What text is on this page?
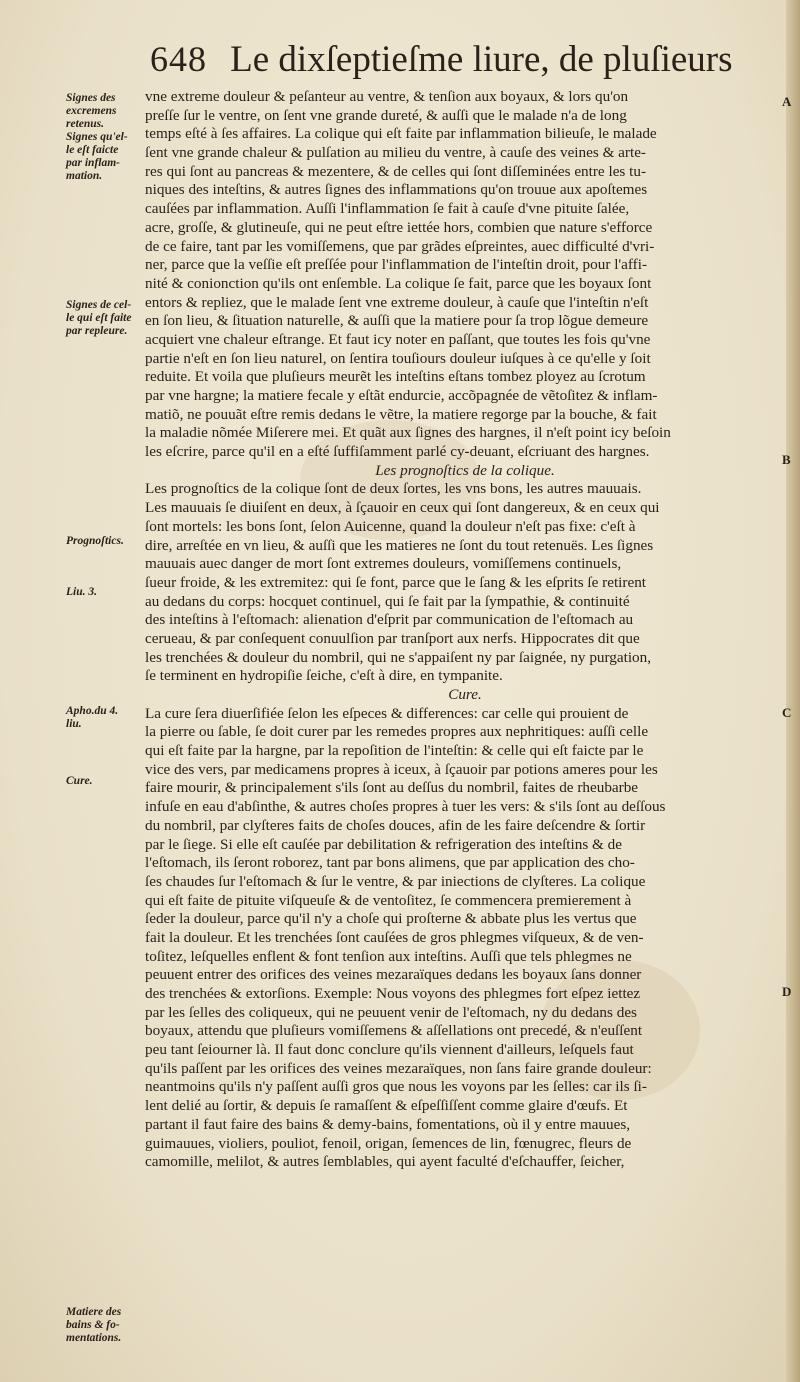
648 Le dixſeptieſme liure, de pluſieurs
Signes des
excremens
retenus.
Signes qu'el-
le eſt faicte
par inflam-
mation.
Signes de cel-
le qui eſt faite
par repleure.
Prognoſtics.
Liu. 3.
Apho.du 4.
liu.
Cure.
Matiere des
bains & fo-
mentations.
A
B
C
D
vne extreme douleur & peſanteur au ventre, & tenſion aux boyaux, & lors qu'on
preſſe ſur le ventre, on ſent vne grande dureté, & auſſi que le malade n'a de long
temps eſté à ſes affaires. La colique qui eſt faite par inflammation bilieuſe, le malade
ſent vne grande chaleur & pulſation au milieu du ventre, à cauſe des veines & arte-
res qui ſont au pancreas & mezentere, & de celles qui ſont diſſeminées entre les tu-
niques des inteſtins, & autres ſignes des inflammations qu'on trouue aux apoſtemes
cauſées par inflammation. Auſſi l'inflammation ſe fait à cauſe d'vne pituite ſalée,
acre, groſſe, & glutineuſe, qui ne peut eſtre iettée hors, combien que nature s'efforce
de ce faire, tant par les vomiſſemens, que par grãdes eſpreintes, auec difficulté d'vri-
ner, parce que la veſſie eſt preſſée pour l'inflammation de l'inteſtin droit, pour l'affi-
nité & conionction qu'ils ont enſemble. La colique ſe fait, parce que les boyaux ſont
entors & repliez, que le malade ſent vne extreme douleur, à cauſe que l'inteſtin n'eſt
en ſon lieu, & ſituation naturelle, & auſſi que la matiere pour ſa trop lõgue demeure
acquiert vne chaleur eſtrange. Et faut icy noter en paſſant, que toutes les fois qu'vne
partie n'eſt en ſon lieu naturel, on ſentira touſiours douleur iuſques à ce qu'elle y ſoit
reduite. Et voila que pluſieurs meurẽt les inteſtins eſtans tombez ployez au ſcrotum
par vne hargne; la matiere fecale y eſtãt endurcie, accõpagnée de vẽtoſitez & inflam-
matiõ, ne pouuãt eſtre remis dedans le vẽtre, la matiere regorge par la bouche, & fait
la maladie nõmée Miſerere mei. Et quãt aux ſignes des hargnes, il n'eſt point icy beſoin
les eſcrire, parce qu'il en a eſté ſuffiſamment parlé cy-deuant, eſcriuant des hargnes.
Les prognoſtics de la colique.
Les prognoſtics de la colique ſont de deux ſortes, les vns bons, les autres mauuais.
Les mauuais ſe diuiſent en deux, à ſçauoir en ceux qui ſont dangereux, & en ceux qui
ſont mortels: les bons ſont, ſelon Auicenne, quand la douleur n'eſt pas fixe: c'eſt à
dire, arreſtée en vn lieu, & auſſi que les matieres ne ſont du tout retenuës. Les ſignes
mauuais auec danger de mort ſont extremes douleurs, vomiſſemens continuels,
ſueur froide, & les extremitez: qui ſe font, parce que le ſang & les eſprits ſe retirent
au dedans du corps: hocquet continuel, qui ſe fait par la ſympathie, & continuité
des inteſtins à l'eſtomach: alienation d'eſprit par communication de l'eſtomach au
cerueau, & par conſequent conuulſion par tranſport aux nerfs. Hippocrates dit que
les trenchées & douleur du nombril, qui ne s'appaiſent ny par ſaignée, ny purgation,
ſe terminent en hydropiſie ſeiche, c'eſt à dire, en tympanite.
Cure.
La cure ſera diuerſifiée ſelon les eſpeces & differences: car celle qui prouient de
la pierre ou ſable, ſe doit curer par les remedes propres aux nephritiques: auſſi celle
qui eſt faite par la hargne, par la repoſition de l'inteſtin: & celle qui eſt faicte par le
vice des vers, par medicamens propres à iceux, à ſçauoir par potions ameres pour les
faire mourir, & principalement s'ils ſont au deſſus du nombril, faites de rheubarbe
infuſe en eau d'abſinthe, & autres choſes propres à tuer les vers: & s'ils ſont au deſſous
du nombril, par clyſteres faits de choſes douces, afin de les faire deſcendre & ſortir
par le ſiege. Si elle eſt cauſée par debilitation & refrigeration des inteſtins & de
l'eſtomach, ils ſeront roborez, tant par bons alimens, que par application des cho-
ſes chaudes ſur l'eſtomach & ſur le ventre, & par iniections de clyſteres. La colique
qui eſt faite de pituite viſqueuſe & de ventoſitez, ſe commencera premierement à
ſeder la douleur, parce qu'il n'y a choſe qui proſterne & abbate plus les vertus que
fait la douleur. Et les trenchées ſont cauſées de gros phlegmes viſqueux, & de ven-
toſitez, leſquelles enflent & font tenſion aux inteſtins. Auſſi que tels phlegmes ne
peuuent entrer des orifices des veines mezaraïques dedans les boyaux ſans donner
des trenchées & extorſions. Exemple: Nous voyons des phlegmes fort eſpez iettez
par les ſelles des coliqueux, qui ne peuuent venir de l'eſtomach, ny du dedans des
boyaux, attendu que pluſieurs vomiſſemens & aſſellations ont precedé, & n'euſſent
peu tant ſeiourner là. Il faut donc conclure qu'ils viennent d'ailleurs, leſquels faut
qu'ils paſſent par les orifices des veines mezaraïques, non ſans faire grande douleur:
neantmoins qu'ils n'y paſſent auſſi gros que nous les voyons par les ſelles: car ils ſi-
lent delié au ſortir, & depuis ſe ramaſſent & eſpeſſiſſent comme glaire d'œufs. Et
partant il faut faire des bains & demy-bains, fomentations, où il y entre mauues,
guimauues, violiers, pouliot, fenoil, origan, ſemences de lin, fœnugrec, fleurs de
camomille, melilot, & autres ſemblables, qui ayent faculté d'eſchauffer, ſeicher,
